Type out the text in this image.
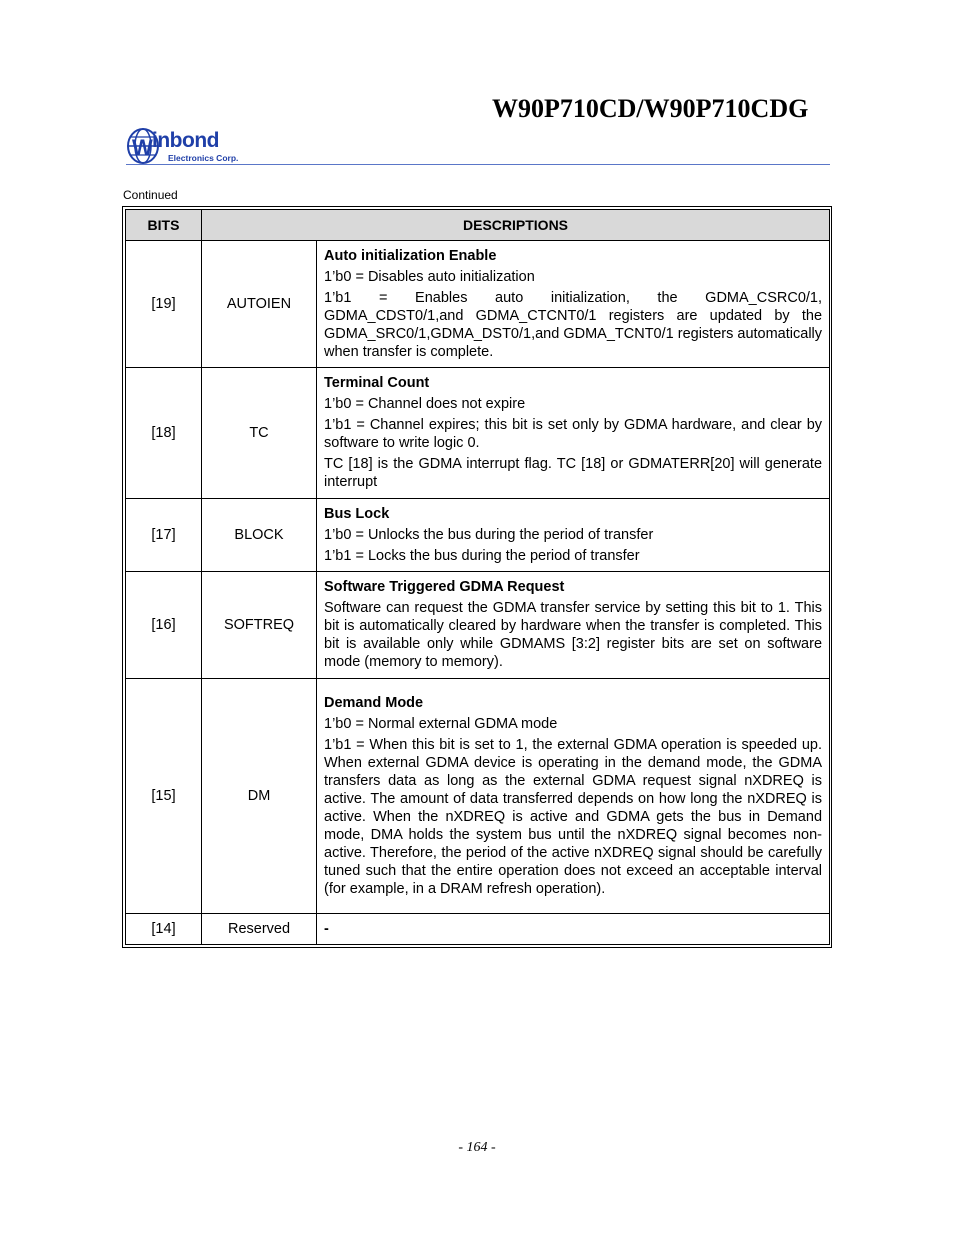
W90P710CD/W90P710CDG
W inbond
Electronics Corp.
Continued
BITS	DESCRIPTIONS	
[19]	AUTOIEN	Auto initialization Enable

1’b0 = Disables auto initialization

1’b1 = Enables auto initialization, the GDMA_CSRC0/1, GDMA_CDST0/1,and GDMA_CTCNT0/1 registers are updated by the GDMA_SRC0/1,GDMA_DST0/1,and GDMA_TCNT0/1 registers automatically when transfer is complete.

[18]	TC	Terminal Count

1’b0 = Channel does not expire

1’b1 = Channel expires; this bit is set only by GDMA hardware, and clear by software to write logic 0.

TC [18] is the GDMA interrupt flag. TC [18] or GDMATERR[20] will generate interrupt

[17]	BLOCK	Bus Lock

1’b0 = Unlocks the bus during the period of transfer

1’b1 = Locks the bus during the period of transfer

[16]	SOFTREQ	Software Triggered GDMA Request

Software can request the GDMA transfer service by setting this bit to 1. This bit is automatically cleared by hardware when the transfer is completed. This bit is available only while GDMAMS [3:2] register bits are set on software mode (memory to memory).

[15]	DM	Demand Mode

1’b0 = Normal external GDMA mode

1’b1 = When this bit is set to 1, the external GDMA operation is speeded up. When external GDMA device is operating in the demand mode, the GDMA transfers data as long as the external GDMA request signal nXDREQ is active. The amount of data transferred depends on how long the nXDREQ is active. When the nXDREQ is active and GDMA gets the bus in Demand mode, DMA holds the system bus until the nXDREQ signal becomes non-active. Therefore, the period of the active nXDREQ signal should be carefully tuned such that the entire operation does not exceed an acceptable interval (for example, in a DRAM refresh operation).

[14]	Reserved	-

- 164 -
